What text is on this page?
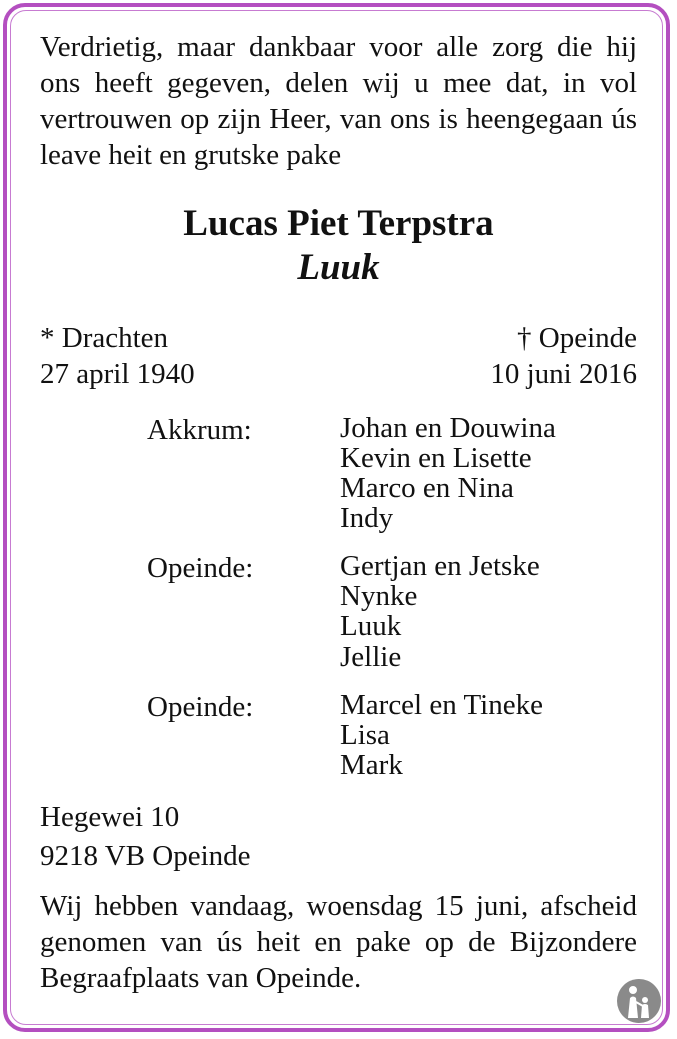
Verdrietig, maar dankbaar voor alle zorg die hij ons heeft gegeven, delen wij u mee dat, in vol vertrouwen op zijn Heer, van ons is heengegaan ús leave heit en grutske pake

Lucas Piet Terpstra
Luuk
* Drachten	† Opeinde
27 april 1940	10 juni 2016
Akkrum:	Johan en Douwina
Kevin en Lisette
Marco en Nina
Indy
Opeinde:	Gertjan en Jetske
Nynke
Luuk
Jellie
Opeinde:	Marcel en Tineke
Lisa
Mark
Hegewei 10
9218 VB Opeinde

Wij hebben vandaag, woensdag 15 juni, afscheid genomen van ús heit en pake op de Bijzondere Begraafplaats van Opeinde.
